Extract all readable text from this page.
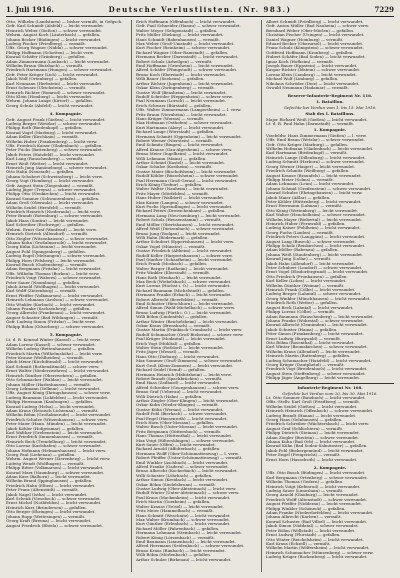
1. Juli 1916.	Deutsche Verlustlisten. (Nr. 983.)	7229
Otto, Wilhelm (Landsturm) — bisher vermißt, in Gefgsch.
Gefr. Karl Schmidt (Alsfeld) — leicht verwundet.
Heinrich Weber (Gießen) — schwer verwundet.
Wehrm. August Koch (Lauterbach) — gefallen.
Johann Becker (Büdingen) — leicht verwundet.
Ludwig Fischer (Friedberg) — vermißt.
Uffz. Georg Wagner (Nidda) — schwer verwundet.
Philipp Hoffmann (Schotten) — leicht verw.
Konrad Schäfer (Grünberg) — gefallen.
Adam Zimmermann (Laubach) — leicht verwundet.
Wilhelm Braun (Butzbach) — vermißt.
Friedrich Hartmann (Hungen) — schwer verwundet.
Gefr. Peter Krüger (Lich) — leicht verwundet.
Jakob Wolf (Ortenberg) — gefallen.
Karl Neumann (Herbstein) — leicht verwundet.
Ernst Schwarz (Ulrichstein) — vermißt.
Heinrich Richter (Romrod) — schwer verwundet.
Otto Klein (Homberg) — leicht verwundet.
Wehrm. Johann Lange (Kirtorf) — gefallen.
Georg Schulz (Alsfeld) — leicht verwundet.
4. Kompagnie.
Gefr. August Frank (Gießen) — leicht verwundet.
Ludwig Berger (Wetzlar) — schwer verwundet.
Philipp Roth (Biedenkopf) — gefallen.
Konrad Vogel (Marburg) — leicht verwundet.
Adam Keller (Kirchhain) — vermißt.
Wilhelm Huber (Frankenberg) — leicht verw.
Uffz. Friedrich Kaiser (Gladenbach) — gefallen.
Peter Fuchs (Battenberg) — schwer verwundet.
Jakob Peters (Hatzfeld) — leicht verwundet.
Karl Lang (Rauschenberg) — vermißt.
Ernst Weiß (Wetter) — leicht verwundet.
Heinrich Jung (Amöneburg) — schwer verwundet.
Otto Hahn (Neustadt) — gefallen.
Johann Schubert (Schweinsberg) — leicht verw.
Georg Vogt (Homberg) — leicht verwundet.
Gefr. August Stein (Ziegenhain) — vermißt.
Ludwig Jäger (Treysa) — schwer verwundet.
Philipp Otto (Neukirchen) — leicht verwundet.
Konrad Sommer (Schwarzenborn) — gefallen.
Adam Groß (Oberaula) — leicht verwundet.
Wilhelm Seidel (Hersfeld) — vermißt.
Friedrich Heinrich (Niederaula) — leicht verw.
Peter Brandt (Rotenburg) — schwer verwundet.
Jakob Haas (Sontra) — leicht verwundet.
Karl Schreiber (Eschwege) — gefallen.
Wehrm. Ernst Graf (Wanfried) — leicht verw.
Heinrich Dietrich (Allendorf) — vermißt.
Otto Ziegler (Witzenhausen) — schwer verwundet.
Johann Kuhn (Großalmerode) — leicht verwundet.
Georg Kühn (Lichtenau) — leicht verwundet.
August Pohl (Spangenberg) — gefallen.
Ludwig Engel (Melsungen) — schwer verwundet.
Philipp Horn (Felsberg) — leicht verwundet.
Konrad Busch (Gudensberg) — vermißt.
Adam Bergmann (Fritzlar) — leicht verwundet.
Uffz. Wilhelm Thomas (Borken) — leicht verw.
Friedrich Voigt (Wabern) — schwer verwundet.
Peter Sauer (Naumburg) — gefallen.
Jakob Arnold (Wolfhagen) — leicht verwundet.
Karl Wolff (Zierenberg) — vermißt.
Ernst Pfeiffer (Volkmarsen) — leicht verwundet.
Heinrich Lehmann (Arolsen) — schwer verwundet.
Otto Winkler (Korbach) — leicht verwundet.
Johann Franke (Sachsenberg) — gefallen.
Georg Albrecht (Frankenau) — leicht verwundet.
August Schuster (Bad Wildungen) — vermißt.
Gefr. Ludwig Simon (Fritzlar) — leicht verw.
Philipp Böhm (Gilserberg) — schwer verwundet.
5. Kompagnie.
Lt. d. R. Konrad Winter (Kassel) — leicht verw.
Adam Lorenz (Kassel) — schwer verwundet.
Wilhelm Ludwig (Bettenhausen) — gefallen.
Friedrich Martin (Wilhelmshöhe) — leicht verw.
Peter Krause (Wehlheiden) — vermißt.
Jakob Meier (Kirchditmold) — leicht verwundet.
Karl Schmitt (Rothenditmold) — schwer verw.
Ernst Walter (Niederzwehren) — leicht verwundet.
Heinrich Günther (Oberzwehren) — gefallen.
Otto Schumacher (Waldau) — leicht verwundet.
Johann Möller (Harleshausen) — vermißt.
Georg Lehmann (Vellmar) — leicht verwundet.
Uffz. August König (Ihringshausen) — schwer verw.
Ludwig Baumann (Lohfelden) — leicht verwundet.
Philipp Herrmann (Kaufungen) — gefallen.
Konrad Ludwig (Helsa) — leicht verwundet.
Adam Kraus (Hessisch Lichtenau) — vermißt.
Wilhelm Böhm (Großalmerode) — leicht verwundet.
Friedrich Schulze (Witzenhausen) — schwer verw.
Peter Maier (Hann. Münden) — leicht verwundet.
Jakob Köhler (Hofgeismar) — gefallen.
Karl Walther (Grebenstein) — leicht verwundet.
Ernst Friedrich (Immenhausen) — vermißt.
Heinrich Beck (Trendelburg) — leicht verwundet.
Otto Lorenz (Karlshafen) — schwer verwundet.
Johann Hofmann (Helmarshausen) — leicht verw.
Georg Paul (Liebenau) — gefallen.
Wehrm. August Werner (Zierenberg) — leicht verw.
Ludwig Wendt (Wolfhagen) — vermißt.
Philipp Ritter (Volkmarsen) — leicht verwundet.
Konrad Marx (Naumburg) — schwer verwundet.
Adam Kurz (Balhorn) — leicht verwundet.
Wilhelm Brand (Ippinghausen) — gefallen.
Friedrich Hahn (Elben) — leicht verwundet.
Peter Franz (Altenstädt) — vermißt.
Jakob Nagel (Istha) — leicht verwundet.
Karl Schenk (Viesebeck) — schwer verwundet.
Ernst Michel (Nothfelden) — leicht verwundet.
Heinrich Kurz (Bründersen) — gefallen.
Otto Berger (Ehringen) — leicht verwundet.
Johann Rupp (Wettesingen) — vermißt.
Georg Kraft (Breuna) — leicht verwundet.
August Friedrich (Rhöda) — schwer verwundet.
Erich Hoffmann (Offenbach) — leicht verwundet.
Gefr. Paul Schneider (Hanau) — schwer verwundet.
Walter Meyer (Seligenstadt) — gefallen.
Fritz Müller (Dieburg) — leicht verwundet.
Hans Schmidt (Babenhausen) — vermißt.
Max Weber (Groß-Umstadt) — leicht verwundet.
Kurt Fischer (Reinheim) — schwer verwundet.
Richard Wagner (Ober-Ramstadt) — gefallen.
Hermann Becker (Darmstadt) — leicht verwundet.
Robert Schulz (Arheilgen) — vermißt.
Emil Hoffmann (Griesheim) — leicht verwundet.
Alfred Schäfer (Pfungstadt) — schwer verwundet.
Bruno Koch (Eberstadt) — leicht verwundet.
Willi Bauer (Seeheim) — gefallen.
Arthur Richter (Jugenheim) — leicht verwundet.
Oskar Klein (Zwingenberg) — vermißt.
Gustav Wolf (Bensheim) — leicht verwundet.
Rudolf Schröder (Heppenheim) — schwer verw.
Paul Neumann (Lorsch) — leicht verwundet.
Erich Schwarz (Bürstadt) — gefallen.
Uffz. Walter Zimmermann (Lampertheim) — l. verw.
Fritz Braun (Viernheim) — leicht verwundet.
Hans Krüger (Worms) — vermißt.
Max Hofmann (Osthofen) — schwer verwundet.
Kurt Hartmann (Alzey) — leicht verwundet.
Richard Lange (Wörrstadt) — gefallen.
Hermann Schmitt (Oppenheim) — leicht verwundet.
Robert Werner (Nierstein) — vermißt.
Emil Schmitz (Bingen) — leicht verwundet.
Alfred Krause (Gau-Algesheim) — schwer verw.
Bruno Meier (Ingelheim) — leicht verwundet.
Willi Lehmann (Mainz) — gefallen.
Arthur Schmid (Kastel) — leicht verwundet.
Oskar Schulze (Kostheim) — vermißt.
Gustav Maier (Bischofsheim) — leicht verwundet.
Rudolf Köhler (Rüsselsheim) — schwer verwundet.
Paul Herrmann (Groß-Gerau) — leicht verwundet.
Erich König (Trebur) — gefallen.
Walter Walter (Nauheim) — leicht verwundet.
Fritz Mayer (Mörfelden) — vermißt.
Hans Huber (Walldorf) — leicht verwundet.
Max Kaiser (Langen) — schwer verwundet.
Kurt Fuchs (Sprendlingen) — leicht verwundet.
Richard Peters (Dreieichenhain) — gefallen.
Hermann Lang (Neu-Isenburg) — leicht verwundet.
Robert Scholz (Heusenstamm) — vermißt.
Emil Möller (Obertshausen) — leicht verwundet.
Alfred Weiß (Dietzenbach) — schwer verwundet.
Bruno Jung (Rodgau) — leicht verwundet.
Willi Hahn (Rödermark) — gefallen.
Arthur Schubert (Eppertshausen) — leicht verw.
Oskar Vogel (Münster) — vermißt.
Gustav Friedrich (Altheim) — leicht verwundet.
Rudolf Keller (Harpertshausen) — schwer verw.
Paul Günther (Schaafheim) — leicht verwundet.
Erich Frank (Mosbach) — gefallen.
Walter Berger (Radheim) — leicht verwundet.
Fritz Winkler (Kleestadt) — vermißt.
Hans Roth (Heubach) — leicht verwundet.
Max Beck (Wiebelsbach) — schwer verwundet.
Kurt Lorenz (Höchst i. O.) — leicht verwundet.
Richard Baumann (Michelstadt) — gefallen.
Hermann Franke (Erbach) — leicht verwundet.
Robert Albrecht (Beerfelden) — vermißt.
Emil Schuster (Hirschhorn) — leicht verwundet.
Alfred Simon (Wald-Michelbach) — schwer verw.
Bruno Ludwig (Fürth i. O.) — leicht verwundet.
Willi Böhm (Lindenfels) — gefallen.
Arthur Winter (Reichelsheim) — leicht verwundet.
Oskar Kraus (Brensbach) — vermißt.
Gustav Martin (Fränkisch-Crumbach) — leicht verw.
Rudolf Schumacher (Groß-Bieberau) — schwer verw.
Paul Krüger (Modautal) — leicht verwundet.
Erich Vogt (Mühltal) — gefallen.
Walter Stein (Roßdorf) — leicht verwundet.
Fritz Jäger (Messel) — vermißt.
Hans Otto (Dieburg) — leicht verwundet.
Max Sommer (Groß-Zimmern) — schwer verwundet.
Kurt Groß (Klein-Zimmern) — leicht verwundet.
Richard Seidel (Semd) — gefallen.
Hermann Heinrich (Habitzheim) — leicht verw.
Robert Brandt (Spachbrücken) — vermißt.
Emil Haas (Zeilhard) — leicht verwundet.
Alfred Schreiber (Georgenhausen) — schwer verw.
Bruno Graf (Ueberau) — leicht verwundet.
Willi Dietrich (Hahn) — gefallen.
Arthur Ziegler (Ober-Klingen) — leicht verwundet.
Oskar Kuhn (Nieder-Klingen) — vermißt.
Gustav Kühn (Wersau) — leicht verwundet.
Rudolf Pohl (Bierbach) — schwer verwundet.
Paul Engel (Hassenroth) — leicht verwundet.
Erich Horn (Ober-Mossau) — gefallen.
Walter Busch (Unter-Mossau) — leicht verwundet.
Fritz Bergmann (Güttersbach) — vermißt.
Hans Thomas (Hüttenthal) — leicht verwundet.
Max Voigt (Hiltersklingen) — schwer verwundet.
Kurt Sauer (Olfen) — leicht verwundet.
Richard Arnold (Affolterbach) — gefallen.
Hermann Wolff (Ober-Schönmattenwag) — l. verw.
Robert Pfeiffer (Unter-Schönmattenwag) — vermißt.
Emil Winkler (Aschbach) — leicht verwundet.
Alfred Franke (Gadern) — schwer verwundet.
Bruno Albrecht (Kocherbach) — leicht verwundet.
Willi Schuster (Löhrbach) — gefallen.
Arthur Simon (Kreidach) — leicht verwundet.
Oskar Böhm (Siedelsbrunn) — vermißt.
Gustav Ludwig (Ober-Abtsteinach) — leicht verw.
Rudolf Winter (Unter-Abtsteinach) — schwer verw.
Paul Kraus (Mackenheim) — leicht verwundet.
Erich Martin (Gorxheim) — gefallen.
Walter Krause (Trösel) — leicht verwundet.
Fritz Meier (Hammelbach) — vermißt.
Hans Schmitt (Weschnitz) — leicht verwundet.
Max Walter (Krumbach) — schwer verwundet.
Kurt Günther (Erlenbach) — leicht verwundet.
Richard Möller (Fahrenbach) — gefallen.
Hermann Lehmann (Steinbach) — leicht verwundet.
Robert König (Lörzenbach) — vermißt.
Emil Baumann (Linnenbach) — leicht verwundet.
Alfred Herrmann (Seidenbuch) — schwer verwundet.
Bruno Kraus (Rimbach) — leicht verwundet.
Willi Böhm (Mörlenbach) — gefallen.
Arthur Schulze (Birkenau) — leicht verwundet.
Albert Schmidt (Friedberg) — leicht verwundet.
Gefr. Anton Müller (Bad Nauheim) — schwer verw.
Bernhard Weber (Ober-Mörlen) — gefallen.
Christian Fischer (Usingen) — leicht verwundet.
Daniel Wagner (Homburg) — vermißt.
Eduard Becker (Oberursel) — leicht verwundet.
Franz Schulz (Königstein) — schwer verwundet.
Gottfried Hoffmann (Kronberg) — gefallen.
Hubert Schäfer (Bad Soden) — leicht verwundet.
Ignaz Koch (Hofheim) — vermißt.
Joseph Bauer (Eppstein) — leicht verwundet.
Kaspar Richter (Idstein) — schwer verwundet.
Lorenz Klein (Camberg) — leicht verwundet.
Michael Wolf (Limburg) — gefallen.
Nikolaus Schröder (Diez) — leicht verwundet.
Oswald Neumann (Hadamar) — vermißt.
Reserve-Infanterie-Regiment Nr. 116.
1. Bataillon.
Gefechte bei Verdun vom 1. bis 15. Mai 1916.
Stab des I. Bataillons.
Major Richard Weiß (Gießen) — leicht verwundet.
Lt. d. R. Paul Hahn (Darmstadt) — vermißt.
1. Kompagnie.
Vizefeldw. Hans Zimmermann (Gießen) — l. verw.
Uffz. Emil Braun (Wetzlar) — schwer verwundet.
Gefr. Otto Krüger (Marburg) — gefallen.
Wilhelm Hofmann (Gladenbach) — leicht verwundet.
Karl Hartmann (Biedenkopf) — vermißt.
Heinrich Lange (Dillenburg) — leicht verwundet.
Ludwig Schmitt (Herborn) — schwer verwundet.
Georg Werner (Haiger) — leicht verwundet.
Friedrich Schmitz (Weilburg) — gefallen.
August Krause (Braunfels) — leicht verwundet.
Philipp Meier (Solms) — vermißt.
Adam Lehmann (Leun) — leicht verwundet.
Johann Schmid (Greifenstein) — schwer verwundet.
Konrad Schulze (Ehringshausen) — leicht verw.
Jakob Maier (Aßlar) — gefallen.
Peter Köhler (Hüttenberg) — leicht verwundet.
Ernst Herrmann (Lahnau) — vermißt.
Otto König (Wettenberg) — leicht verwundet.
Karl Walter (Heuchelheim) — schwer verwundet.
Wilhelm Mayer (Biebertal) — leicht verwundet.
Heinrich Huber (Fernwald) — gefallen.
Ludwig Kaiser (Pohlheim) — leicht verwundet.
Georg Fuchs (Linden) — vermißt.
Friedrich Peters (Langgöns) — leicht verwundet.
August Lang (Buseck) — schwer verwundet.
Philipp Scholz (Reiskirchen) — leicht verwundet.
Adam Möller (Rabenau) — gefallen.
Johann Weiß (Staufenberg) — leicht verwundet.
Konrad Jung (Lollar) — vermißt.
Jakob Hahn (Allendorf) — leicht verwundet.
Peter Schubert (Londorf) — schwer verwundet.
Ernst Vogel (Ebsdorfergrund) — leicht verwundet.
Otto Friedrich (Fronhausen) — gefallen.
Karl Keller (Lohra) — leicht verwundet.
Wilhelm Günther (Weimar) — vermißt.
Heinrich Frank (Cölbe) — leicht verwundet.
Ludwig Berger (Lahntal) — schwer verwundet.
Georg Winkler (Münchhausen) — leicht verwundet.
Friedrich Roth (Wetter) — gefallen.
August Beck (Lahntal) — leicht verwundet.
Philipp Lorenz (Cölbe) — vermißt.
Adam Baumann (Rauschenberg) — leicht verwundet.
Johann Franke (Wohratal) — schwer verwundet.
Konrad Albrecht (Gemünden) — leicht verwundet.
Jakob Schuster (Haina) — gefallen.
Peter Simon (Frankenberg) — leicht verwundet.
Ernst Ludwig (Burgwald) — vermißt.
Otto Böhm (Rosenthal) — leicht verwundet.
Karl Winter (Bromskirchen) — schwer verwundet.
Wilhelm Kraus (Allendorf) — leicht verwundet.
Heinrich Martin (Battenberg) — gefallen.
Ludwig Schumacher (Hatzfeld) — leicht verwundet.
Georg Krüger (Dautphetal) — vermißt.
Friedrich Vogt (Breidenbach) — leicht verwundet.
August Stein (Steffenberg) — schwer verwundet.
Philipp Jäger (Angelburg) — leicht verwundet.
Infanterie-Regiment Nr. 168.
Gefechte bei Verdun vom 20. bis 30. Mai 1916.
Lt. Otto Sommer (Butzbach) — leicht verwundet.
Offiz.-Stellv. Karl Groß (Friedberg) — vermißt.
Wilhelm Seidel (Gießen) — leicht verwundet.
Heinrich Heinrich (Offenbach) — schwer verwundet.
Ludwig Brandt (Hanau) — leicht verwundet.
Georg Haas (Gelnhausen) — gefallen.
Friedrich Schreiber (Wächtersbach) — leicht verw.
August Graf (Schlüchtern) — vermißt.
Philipp Dietrich (Steinau) — leicht verwundet.
Adam Ziegler (Birstein) — schwer verwundet.
Johann Kuhn (Bad Orb) — leicht verwundet.
Konrad Kühn (Bad Soden-Salmünster) — gefallen.
Jakob Pohl (Biebergemünd) — leicht verwundet.
Peter Engel (Freigericht) — vermißt.
Ernst Horn (Hasselroth) — leicht verwundet.
2. Kompagnie.
Uffz. Otto Busch (Büdingen) — leicht verwundet.
Karl Bergmann (Ortenberg) — schwer verwundet.
Wilhelm Thomas (Gedern) — gefallen.
Heinrich Voigt (Kefenrod) — leicht verwundet.
Ludwig Sauer (Limeshain) — vermißt.
Georg Arnold (Glauburg) — leicht verwundet.
Friedrich Wolff (Altenstadt) — schwer verwundet.
August Pfeiffer (Nidderau) — leicht verwundet.
Philipp Winkler (Schöneck) — gefallen.
Adam Franke (Niederdorfelden) — leicht verwundet.
Johann Albrecht (Karben) — vermißt.
Konrad Schuster (Bad Vilbel) — leicht verwundet.
Jakob Simon (Niddatal) — schwer verwundet.
Peter Böhm (Wöllstadt) — leicht verwundet.
Ernst Ludwig (Florstadt) — gefallen.
Otto Winter (Reichelsheim) — leicht verwundet.
Karl Kraus (Echzell) — vermißt.
Wilhelm Martin (Wölfersheim) — leicht verwundet.
Heinrich Schumacher (Münzenberg) — schwer verw.
Ludwig Krüger (Rockenberg) — leicht verwundet.
